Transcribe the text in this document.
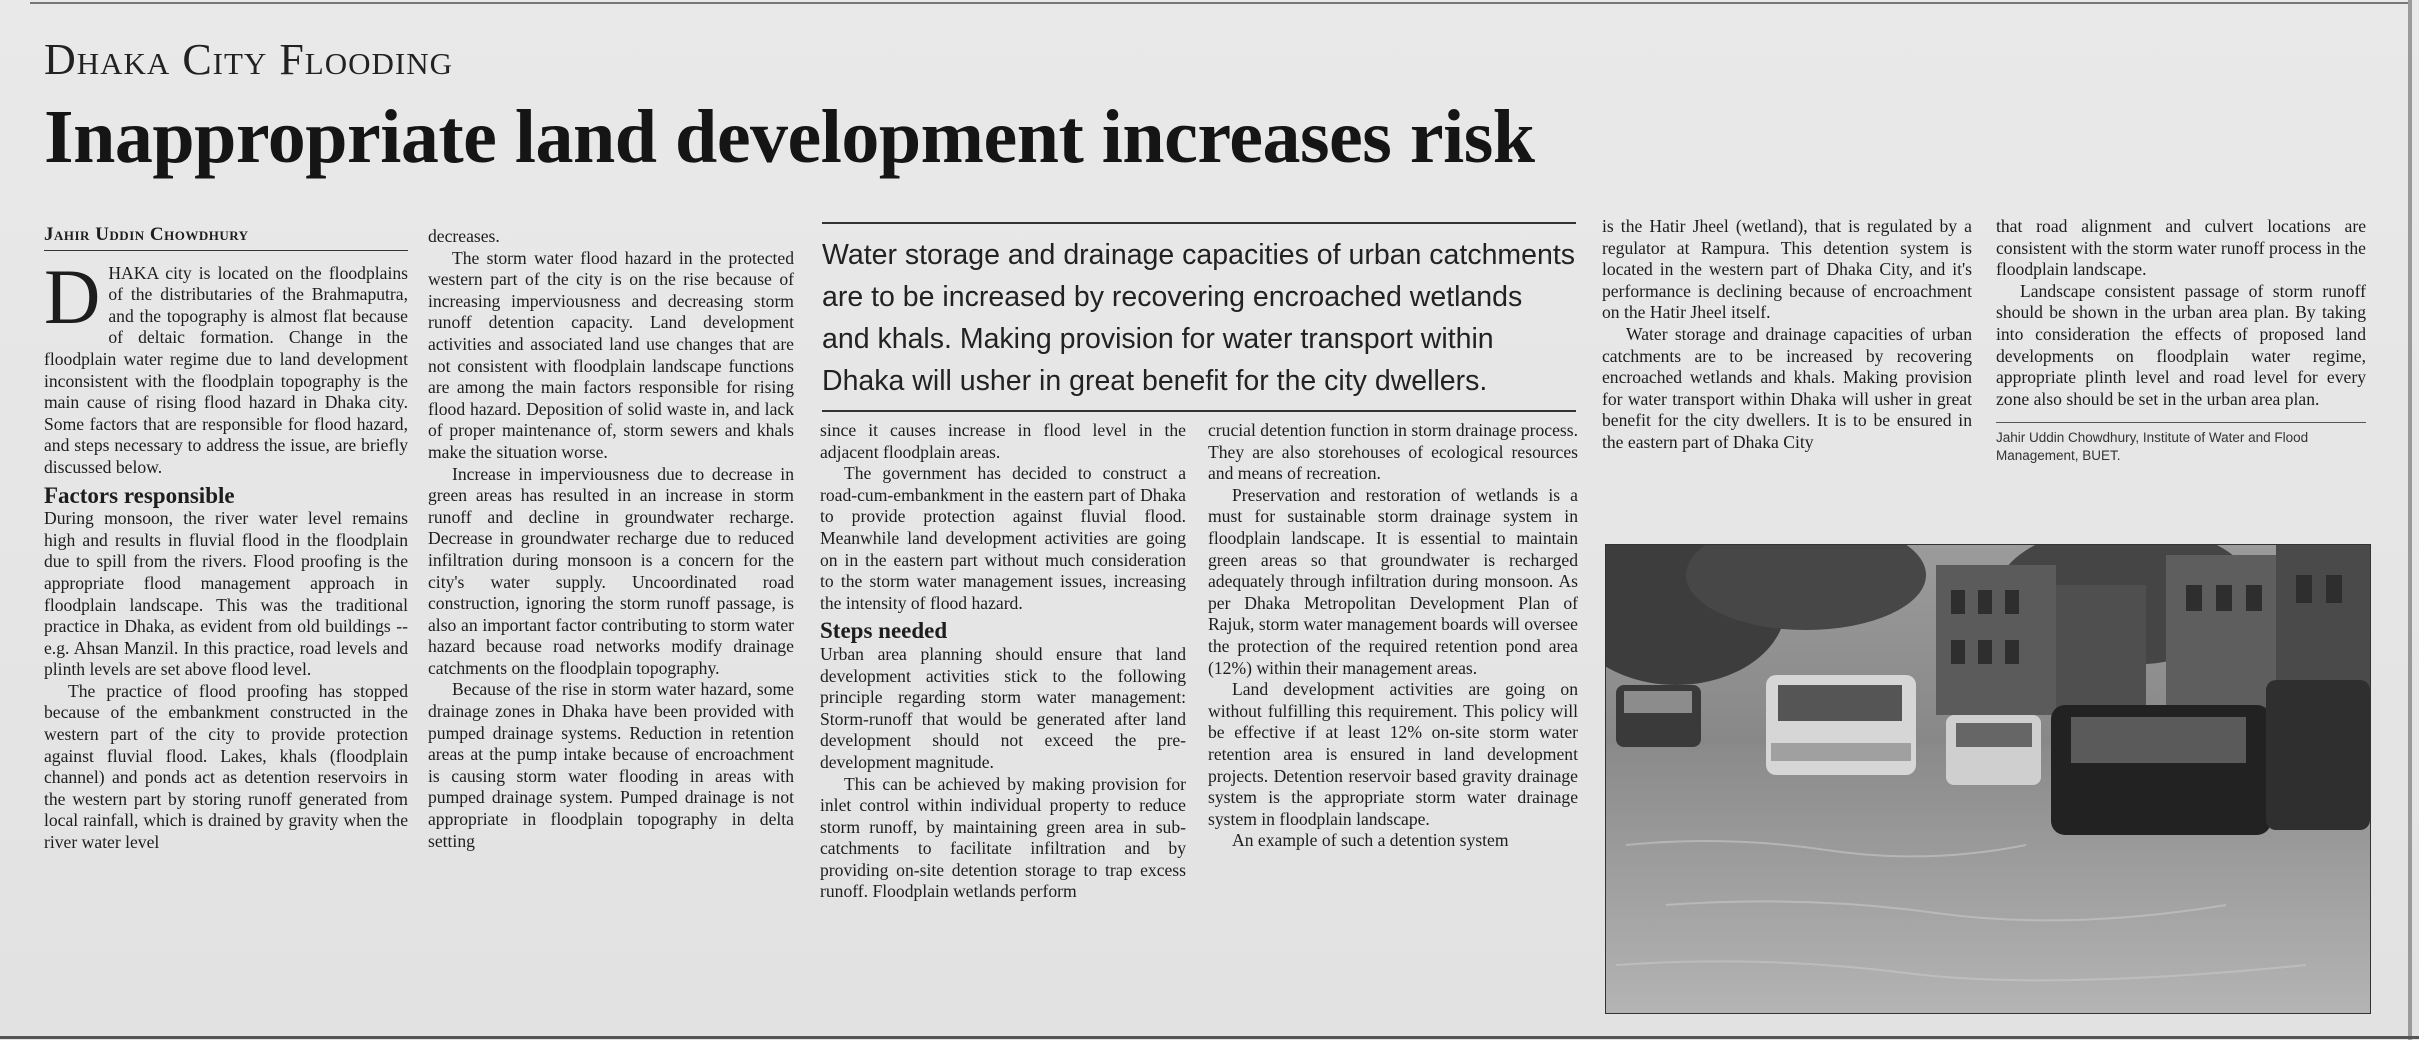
Dhaka City Flooding
Inappropriate land development increases risk
Jahir Uddin Chowdhury

DHAKA city is located on the floodplains of the distributaries of the Brahmaputra, and the topography is almost flat because of deltaic formation. Change in the floodplain water regime due to land development inconsistent with the floodplain topography is the main cause of rising flood hazard in Dhaka city. Some factors that are responsible for flood hazard, and steps necessary to address the issue, are briefly discussed below.

Factors responsible

During monsoon, the river water level remains high and results in fluvial flood in the floodplain due to spill from the rivers. Flood proofing is the appropriate flood management approach in floodplain landscape. This was the traditional practice in Dhaka, as evident from old buildings -- e.g. Ahsan Manzil. In this practice, road levels and plinth levels are set above flood level.

The practice of flood proofing has stopped because of the embankment constructed in the western part of the city to provide protection against fluvial flood. Lakes, khals (floodplain channel) and ponds act as detention reservoirs in the western part by storing runoff generated from local rainfall, which is drained by gravity when the river water level

decreases.

The storm water flood hazard in the protected western part of the city is on the rise because of increasing imperviousness and decreasing storm runoff detention capacity. Land development activities and associated land use changes that are not consistent with floodplain landscape functions are among the main factors responsible for rising flood hazard. Deposition of solid waste in, and lack of proper maintenance of, storm sewers and khals make the situation worse.

Increase in imperviousness due to decrease in green areas has resulted in an increase in storm runoff and decline in groundwater recharge. Decrease in groundwater recharge due to reduced infiltration during monsoon is a concern for the city's water supply. Uncoordinated road construction, ignoring the storm runoff passage, is also an important factor contributing to storm water hazard because road networks modify drainage catchments on the floodplain topography.

Because of the rise in storm water hazard, some drainage zones in Dhaka have been provided with pumped drainage systems. Reduction in retention areas at the pump intake because of encroachment is causing storm water flooding in areas with pumped drainage system. Pumped drainage is not appropriate in floodplain topography in delta setting

Water storage and drainage capacities of urban catchments are to be increased by recovering encroached wetlands and khals. Making provision for water transport within Dhaka will usher in great benefit for the city dwellers.

since it causes increase in flood level in the adjacent floodplain areas.

The government has decided to construct a road-cum-embankment in the eastern part of Dhaka to provide protection against fluvial flood. Meanwhile land development activities are going on in the eastern part without much consideration to the storm water management issues, increasing the intensity of flood hazard.

Steps needed

Urban area planning should ensure that land development activities stick to the following principle regarding storm water management: Storm-runoff that would be generated after land development should not exceed the pre-development magnitude.

This can be achieved by making provision for inlet control within individual property to reduce storm runoff, by maintaining green area in sub-catchments to facilitate infiltration and by providing on-site detention storage to trap excess runoff. Floodplain wetlands perform

crucial detention function in storm drainage process. They are also storehouses of ecological resources and means of recreation.

Preservation and restoration of wetlands is a must for sustainable storm drainage system in floodplain landscape. It is essential to maintain green areas so that groundwater is recharged adequately through infiltration during monsoon. As per Dhaka Metropolitan Development Plan of Rajuk, storm water management boards will oversee the protection of the required retention pond area (12%) within their management areas.

Land development activities are going on without fulfilling this requirement. This policy will be effective if at least 12% on-site storm water retention area is ensured in land development projects. Detention reservoir based gravity drainage system is the appropriate storm water drainage system in floodplain landscape.

An example of such a detention system

is the Hatir Jheel (wetland), that is regulated by a regulator at Rampura. This detention system is located in the western part of Dhaka City, and it's performance is declining because of encroachment on the Hatir Jheel itself.

Water storage and drainage capacities of urban catchments are to be increased by recovering encroached wetlands and khals. Making provision for water transport within Dhaka will usher in great benefit for the city dwellers. It is to be ensured in the eastern part of Dhaka City

that road alignment and culvert locations are consistent with the storm water runoff process in the floodplain landscape.

Landscape consistent passage of storm runoff should be shown in the urban area plan. By taking into consideration the effects of proposed land developments on floodplain water regime, appropriate plinth level and road level for every zone also should be set in the urban area plan.

Jahir Uddin Chowdhury, Institute of Water and Flood Management, BUET.
